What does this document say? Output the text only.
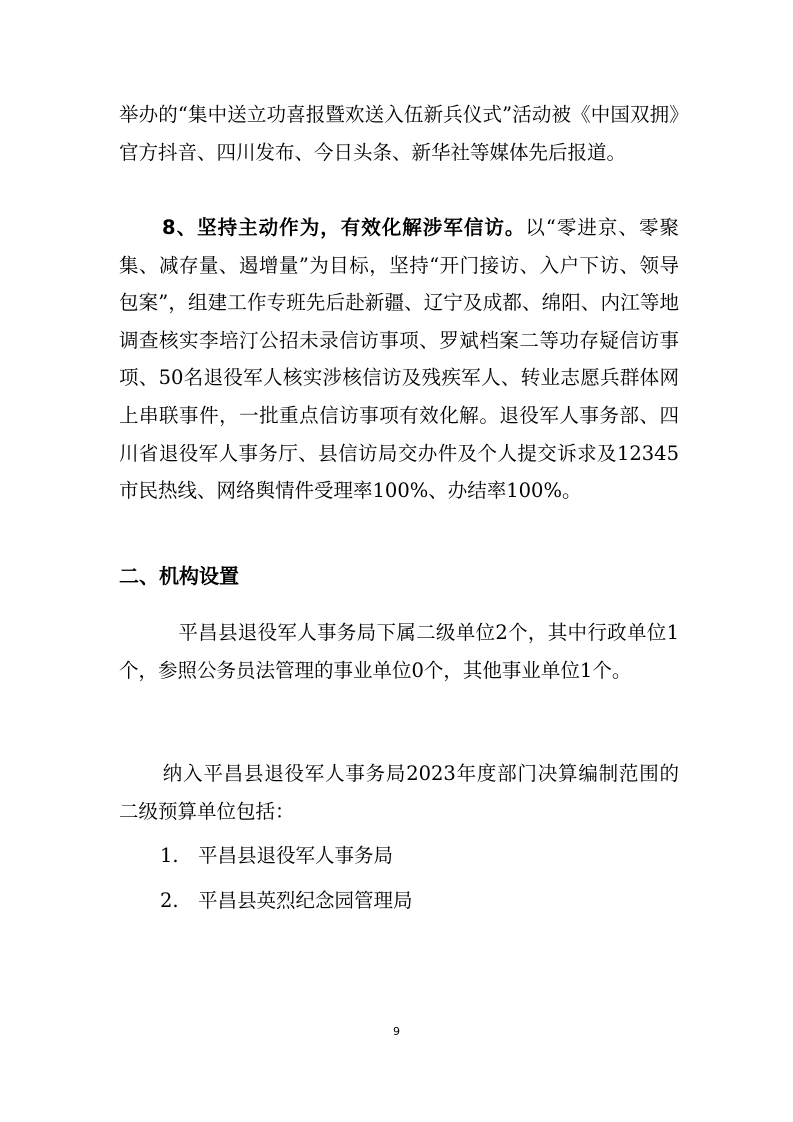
举办的“集中送立功喜报暨欢送入伍新兵仪式”活动被《中国双拥》官方抖音、四川发布、今日头条、新华社等媒体先后报道。
8、坚持主动作为，有效化解涉军信访。以“零进京、零聚集、减存量、遏增量”为目标，坚持“开门接访、入户下访、领导包案”，组建工作专班先后赴新疆、辽宁及成都、绵阳、内江等地调查核实李培汀公招未录信访事项、罗斌档案二等功存疑信访事项、50名退役军人核实涉核信访及残疾军人、转业志愿兵群体网上串联事件，一批重点信访事项有效化解。退役军人事务部、四川省退役军人事务厅、县信访局交办件及个人提交诉求及12345市民热线、网络舆情件受理率100%、办结率100%。
二、机构设置
平昌县退役军人事务局下属二级单位2个，其中行政单位1个，参照公务员法管理的事业单位0个，其他事业单位1个。
纳入平昌县退役军人事务局2023年度部门决算编制范围的二级预算单位包括：
1. 平昌县退役军人事务局
2. 平昌县英烈纪念园管理局
9
